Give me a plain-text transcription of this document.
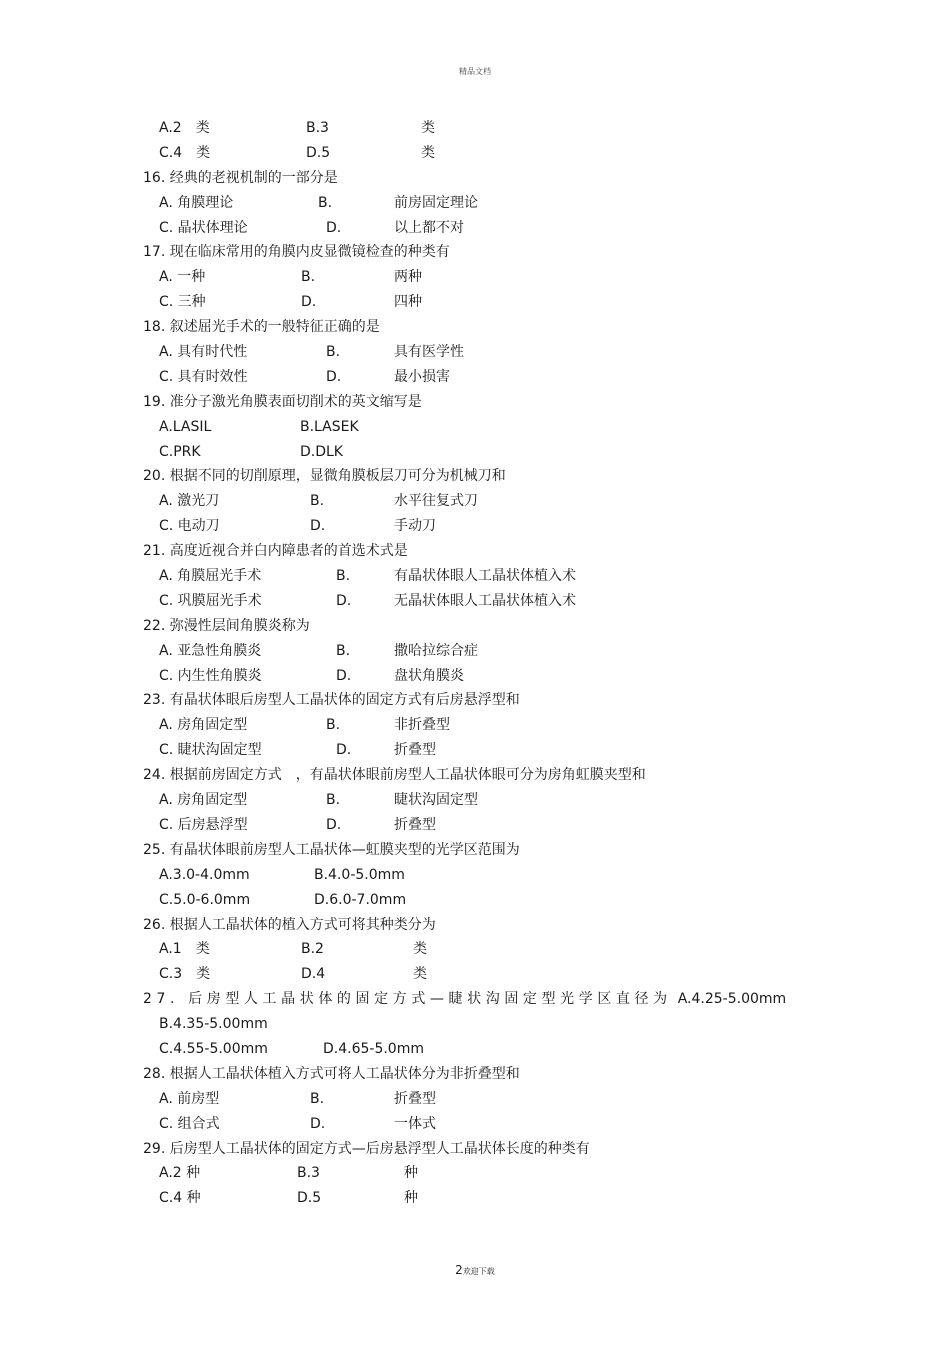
精品文档
A.2　类	B.3	类
C.4　类	D.5	类
16. 经典的老视机制的一部分是
A. 角膜理论	B.	前房固定理论
C. 晶状体理论	D.	以上都不对
17. 现在临床常用的角膜内皮显微镜检查的种类有
A. 一种	B.	两种
C. 三种	D.	四种
18. 叙述屈光手术的一般特征正确的是
A. 具有时代性	B.	具有医学性
C. 具有时效性	D.	最小损害
19. 准分子激光角膜表面切削术的英文缩写是
A.LASIL	B.LASEK
C.PRK	D.DLK
20. 根据不同的切削原理，显微角膜板层刀可分为机械刀和
A. 激光刀	B.	水平往复式刀
C. 电动刀	D.	手动刀
21. 高度近视合并白内障患者的首选术式是
A. 角膜屈光手术	B.	有晶状体眼人工晶状体植入术
C. 巩膜屈光手术	D.	无晶状体眼人工晶状体植入术
22. 弥漫性层间角膜炎称为
A. 亚急性角膜炎	B.	撒哈拉综合症
C. 内生性角膜炎	D.	盘状角膜炎
23. 有晶状体眼后房型人工晶状体的固定方式有后房悬浮型和
A. 房角固定型	B.	非折叠型
C. 睫状沟固定型	D.	折叠型
24. 根据前房固定方式　，有晶状体眼前房型人工晶状体眼可分为房角虹膜夹型和
A. 房角固定型	B.	睫状沟固定型
C. 后房悬浮型	D.	折叠型
25. 有晶状体眼前房型人工晶状体—虹膜夹型的光学区范围为
A.3.0-4.0mm	B.4.0-5.0mm
C.5.0-6.0mm	D.6.0-7.0mm
26. 根据人工晶状体的植入方式可将其种类分为
A.1　类	B.2	类
C.3　类	D.4	类
27. 后房型人工晶状体的固定方式—睫状沟固定型光学区直径为 A.4.25-5.00mm
B.4.35-5.00mm
C.4.55-5.00mm	D.4.65-5.0mm
28. 根据人工晶状体植入方式可将人工晶状体分为非折叠型和
A. 前房型	B.	折叠型
C. 组合式	D.	一体式
29. 后房型人工晶状体的固定方式—后房悬浮型人工晶状体长度的种类有
A.2 种	B.3	种
C.4 种	D.5	种
2欢迎下载
